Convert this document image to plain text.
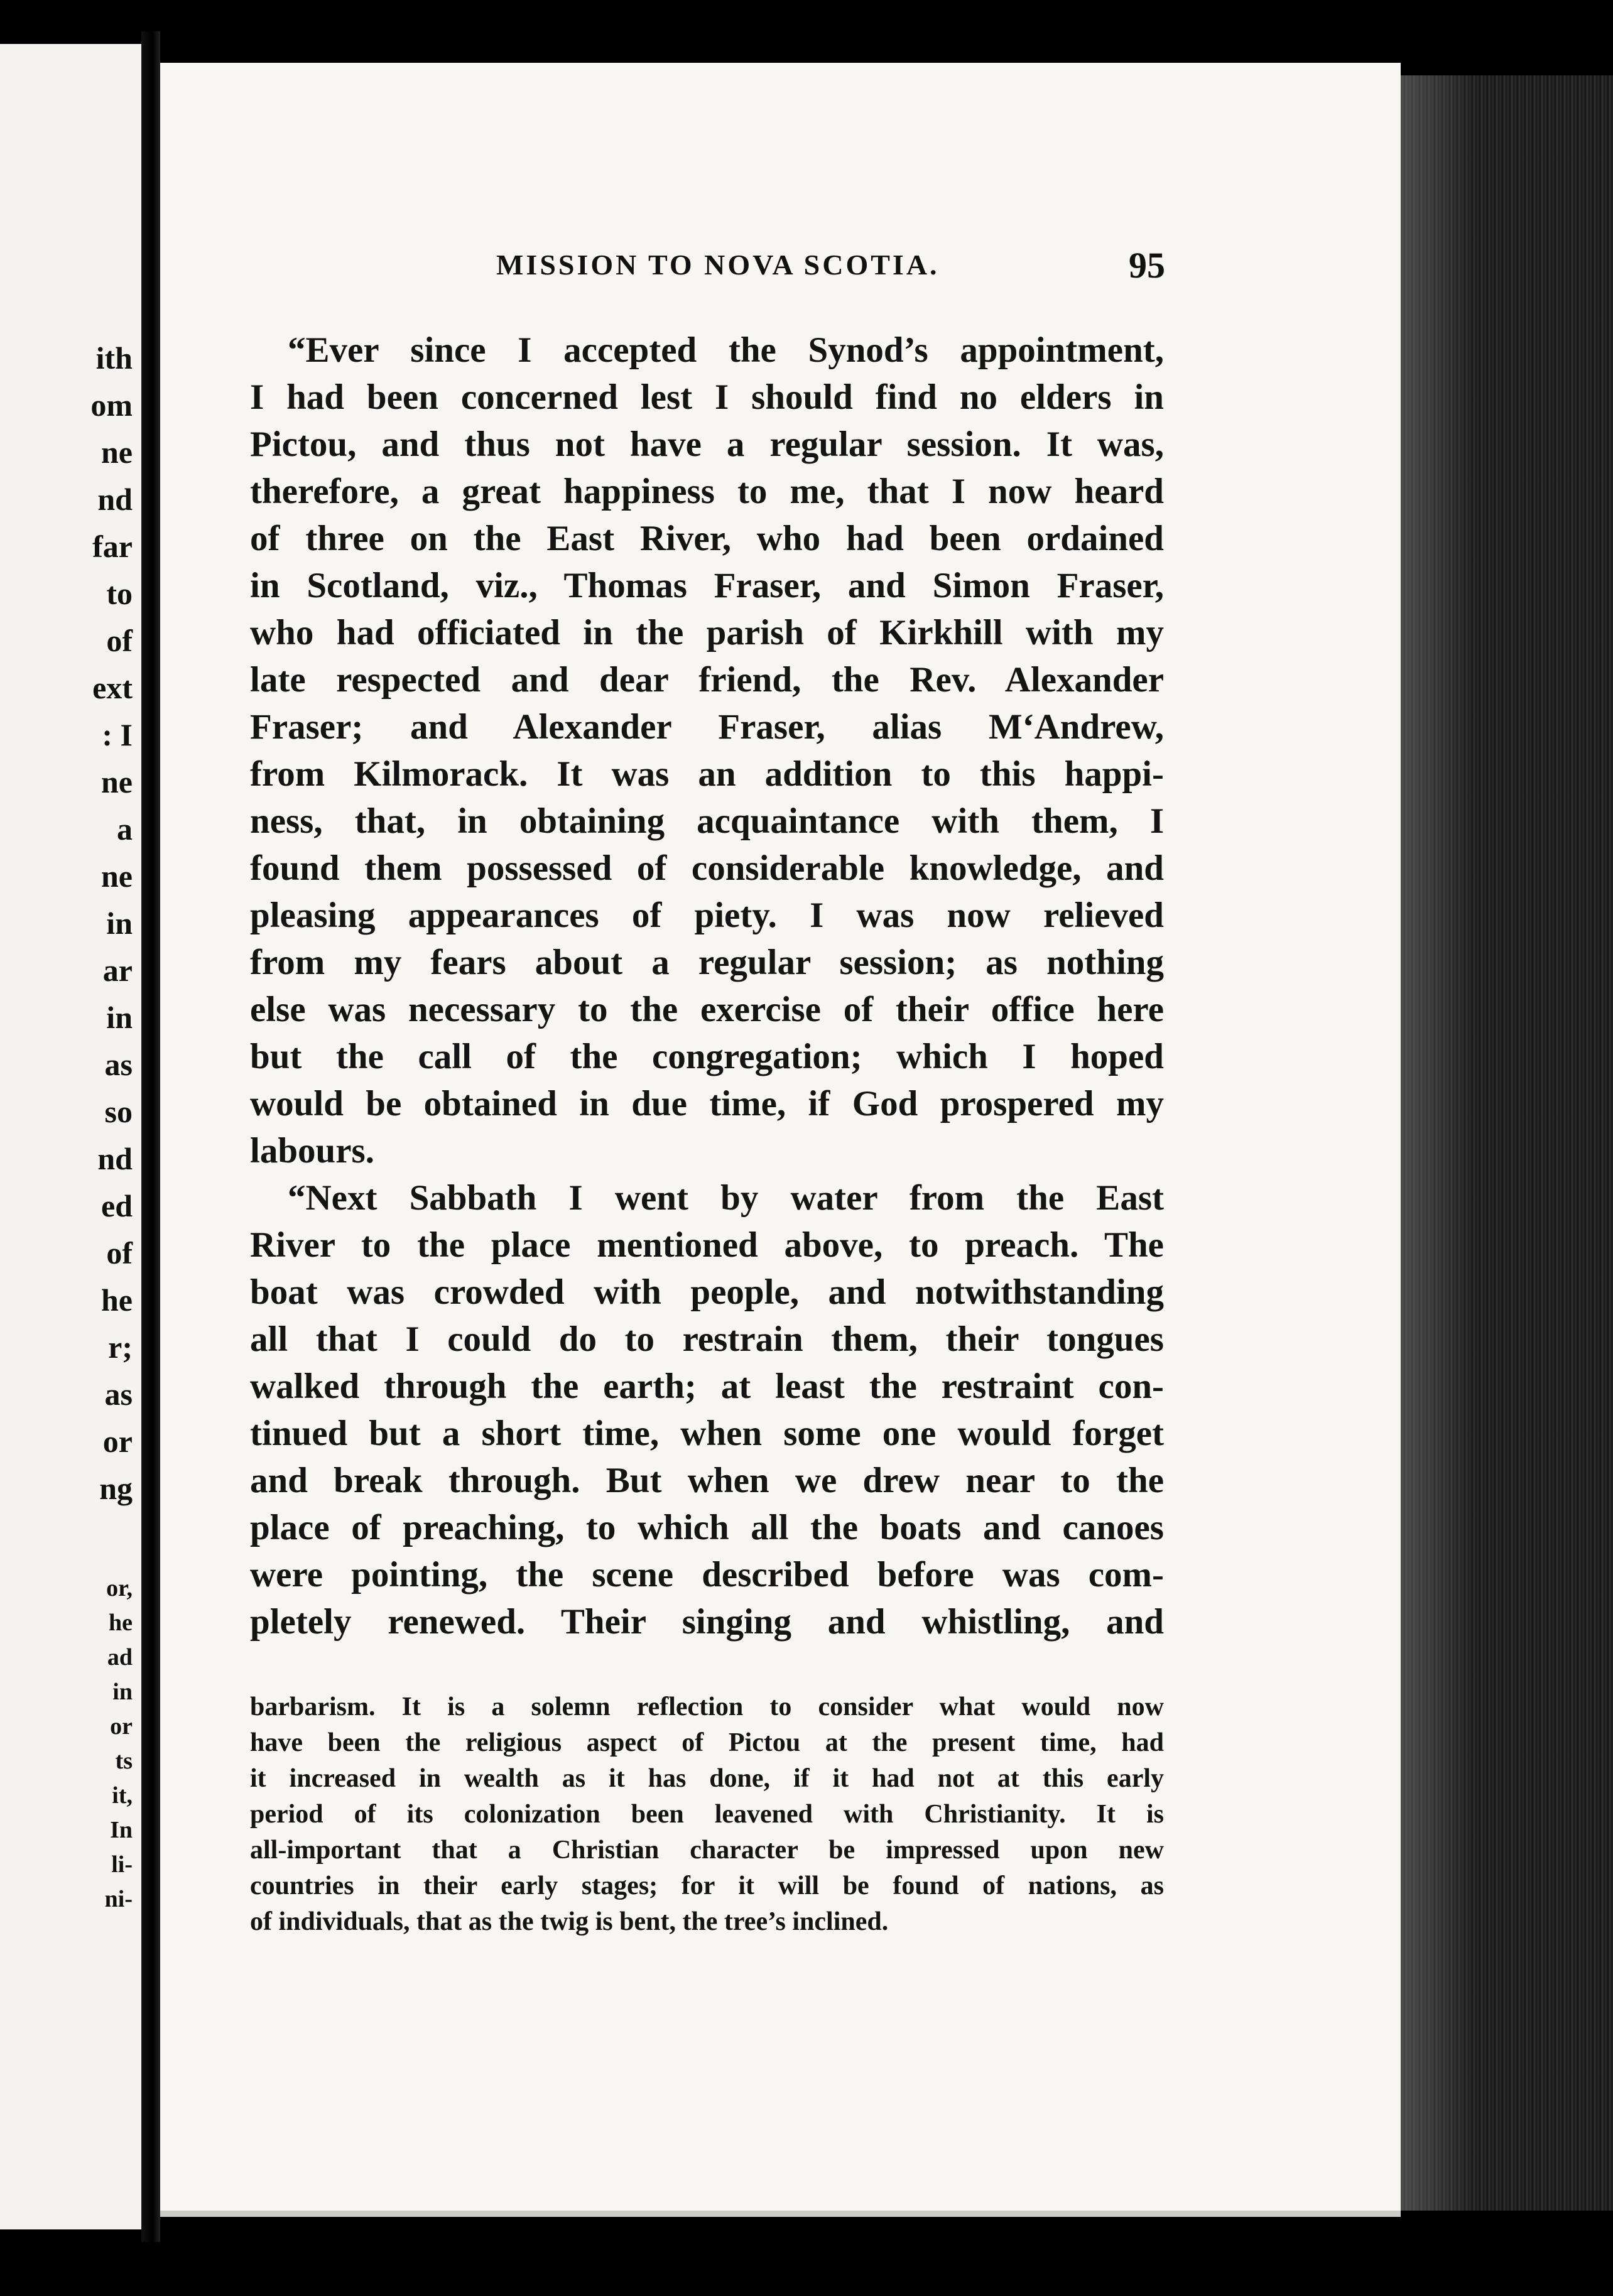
ith
om
ne
nd
far
to
of
ext
: I
ne
a
ne
in
ar
in
as
so
nd
ed
of
he
r;
as
or
ng
or,
he
ad
in
or
ts
it,
In
li-
ni-
MISSION TO NOVA SCOTIA.	95
“Ever since I accepted the Synod’s appointment,
I had been concerned lest I should find no elders in
Pictou, and thus not have a regular session. It was,
therefore, a great happiness to me, that I now heard
of three on the East River, who had been ordained
in Scotland, viz., Thomas Fraser, and Simon Fraser,
who had officiated in the parish of Kirkhill with my
late respected and dear friend, the Rev. Alexander
Fraser; and Alexander Fraser, alias M‘Andrew,
from Kilmorack. It was an addition to this happi-
ness, that, in obtaining acquaintance with them, I
found them possessed of considerable knowledge, and
pleasing appearances of piety. I was now relieved
from my fears about a regular session; as nothing
else was necessary to the exercise of their office here
but the call of the congregation; which I hoped
would be obtained in due time, if God prospered my
labours.
“Next Sabbath I went by water from the East
River to the place mentioned above, to preach. The
boat was crowded with people, and notwithstanding
all that I could do to restrain them, their tongues
walked through the earth; at least the restraint con-
tinued but a short time, when some one would forget
and break through. But when we drew near to the
place of preaching, to which all the boats and canoes
were pointing, the scene described before was com-
pletely renewed. Their singing and whistling, and
barbarism. It is a solemn reflection to consider what would now
have been the religious aspect of Pictou at the present time, had
it increased in wealth as it has done, if it had not at this early
period of its colonization been leavened with Christianity. It is
all-important that a Christian character be impressed upon new
countries in their early stages; for it will be found of nations, as
of individuals, that as the twig is bent, the tree’s inclined.
